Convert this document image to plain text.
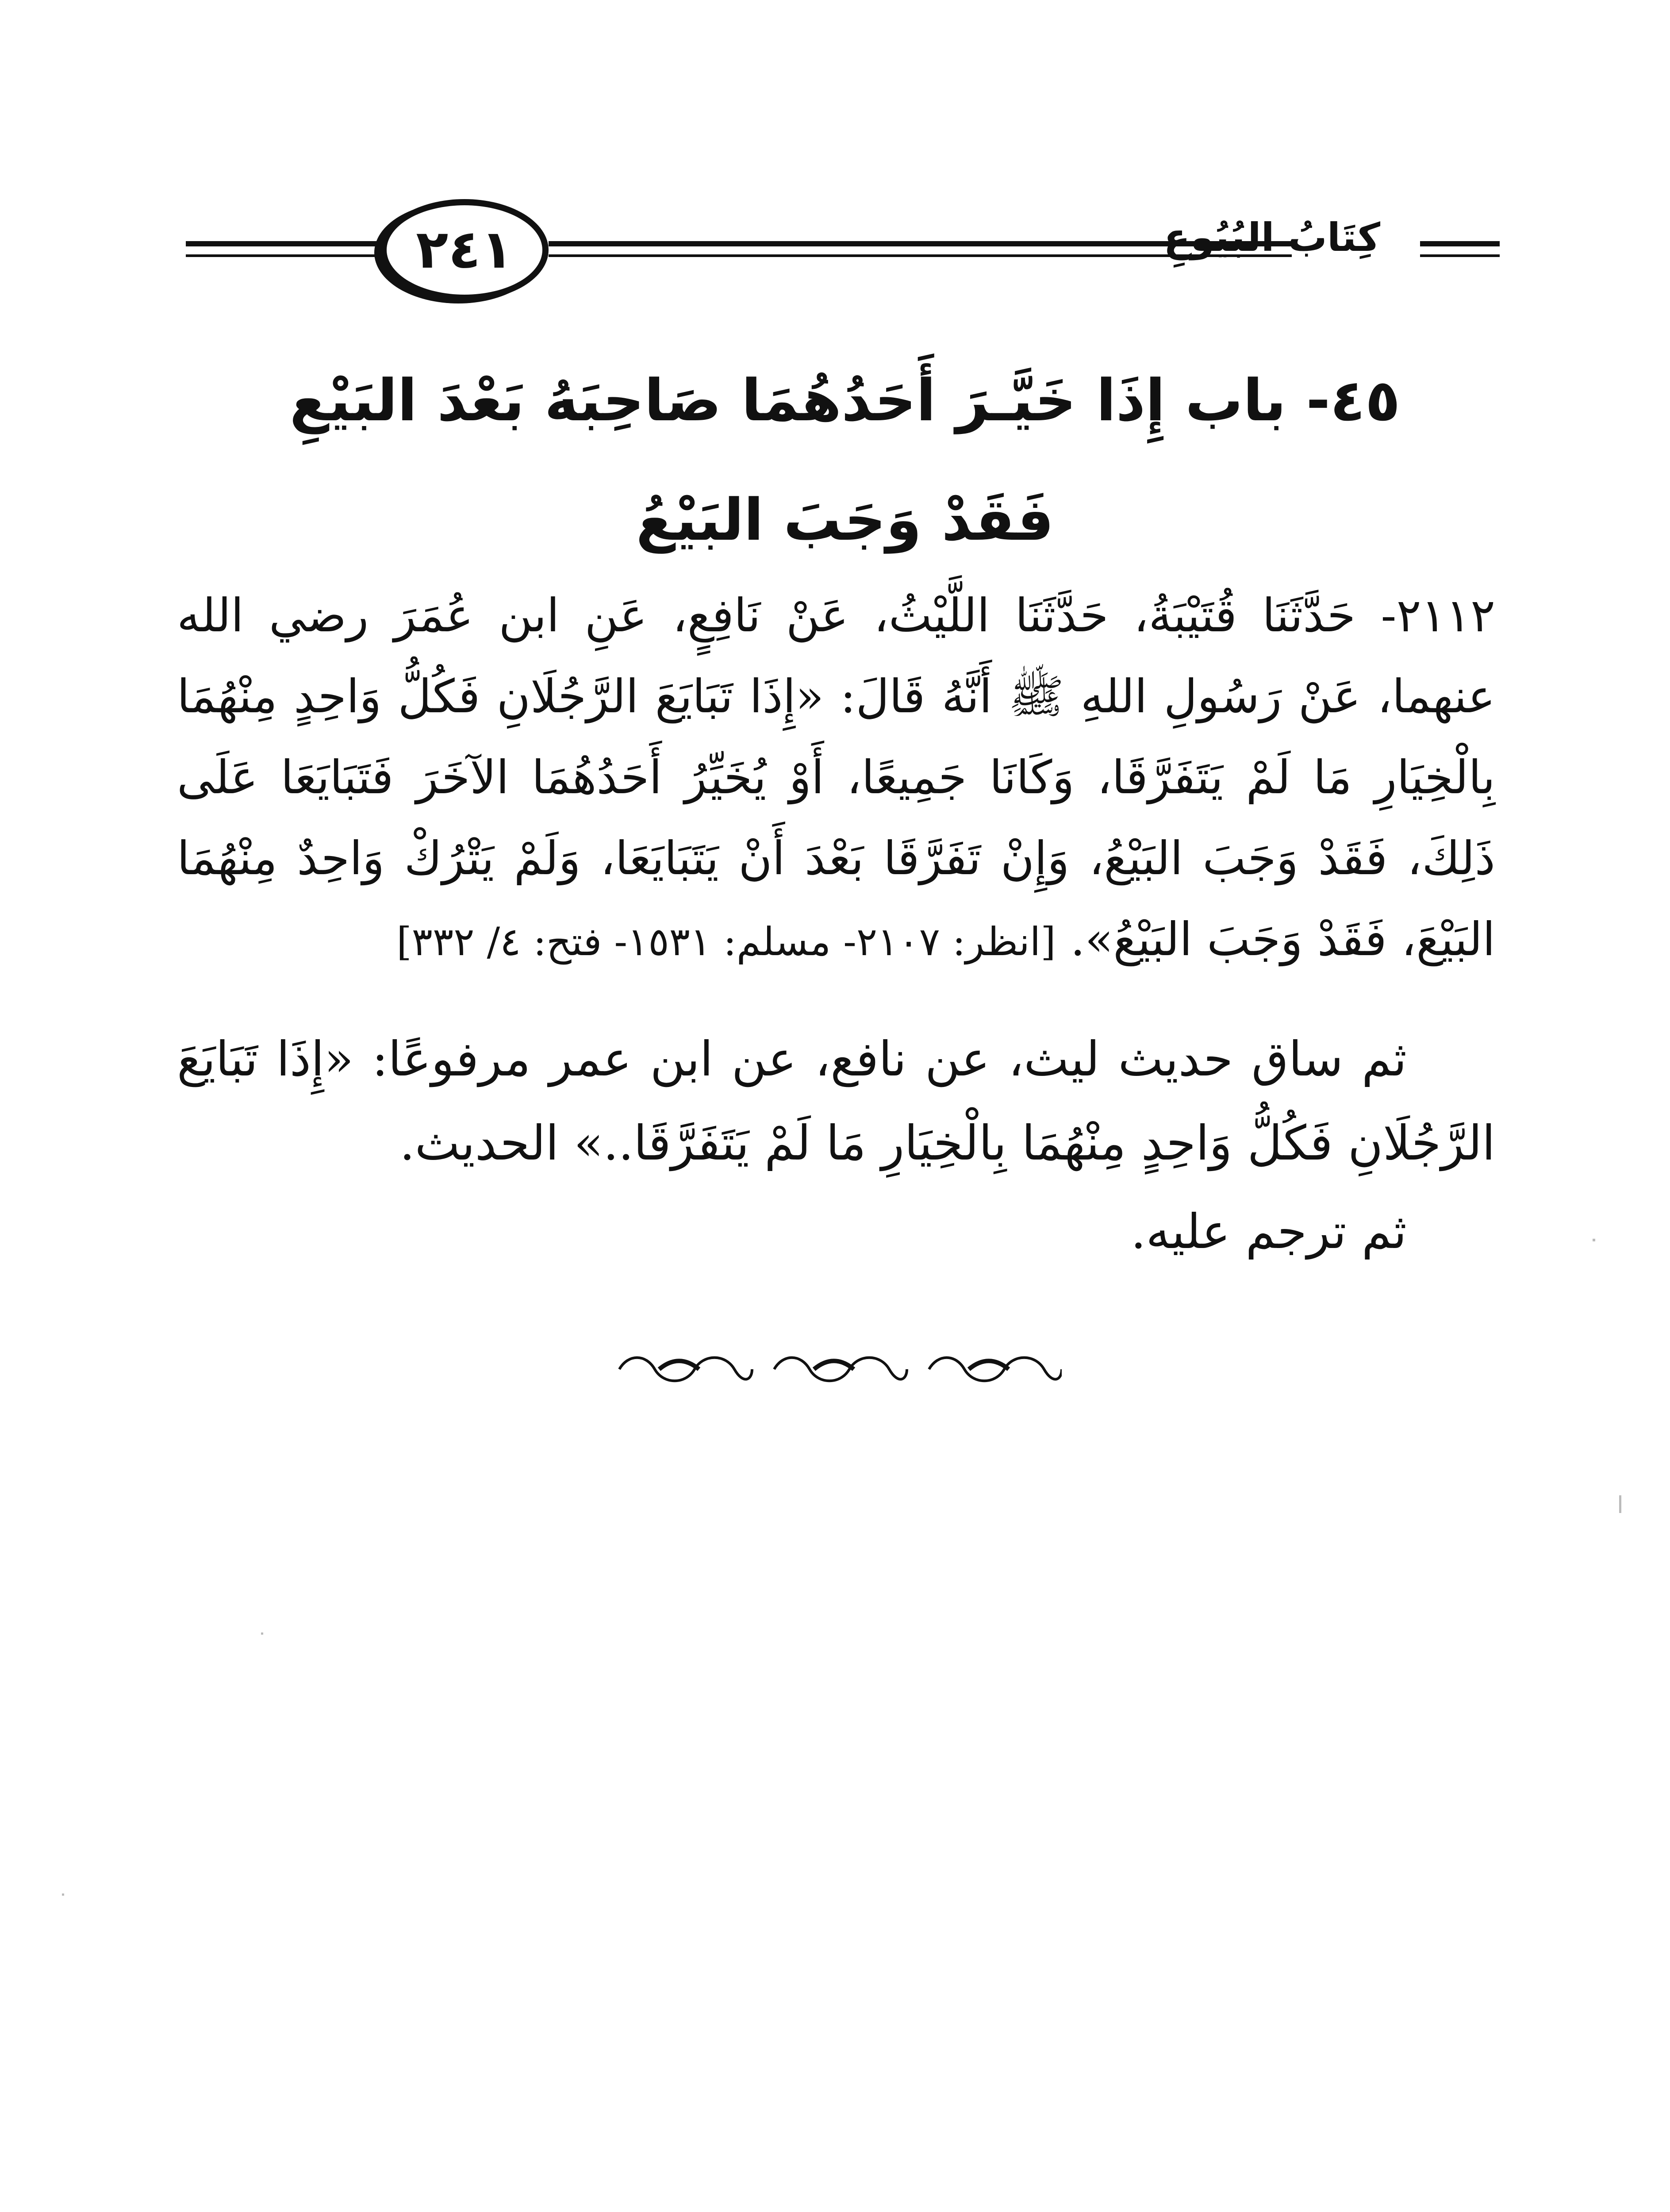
٢٤١	كِتَابُ البُيُوعِ
٤٥- باب إِذَا خَيَّـرَ أَحَدُهُمَا صَاحِبَهُ بَعْدَ البَيْعِ
فَقَدْ وَجَبَ البَيْعُ
٢١١٢- حَدَّثَنَا قُتَيْبَةُ، حَدَّثَنَا اللَّيْثُ، عَنْ نَافِعٍ، عَنِ ابن عُمَرَ رضي الله عنهما، عَنْ رَسُولِ اللهِ ﷺ أَنَّهُ قَالَ: «إِذَا تَبَايَعَ الرَّجُلَانِ فَكُلُّ وَاحِدٍ مِنْهُمَا بِالْخِيَارِ مَا لَمْ يَتَفَرَّقَا، وَكَانَا جَمِيعًا، أَوْ يُخَيِّرُ أَحَدُهُمَا الآخَرَ فَتَبَايَعَا عَلَى ذَلِكَ، فَقَدْ وَجَبَ البَيْعُ، وَإِنْ تَفَرَّقَا بَعْدَ أَنْ يَتَبَايَعَا، وَلَمْ يَتْرُكْ وَاحِدٌ مِنْهُمَا البَيْعَ، فَقَدْ وَجَبَ البَيْعُ». [انظر: ٢١٠٧- مسلم: ١٥٣١- فتح: ٤/ ٣٣٢]
ثم ساق حديث ليث، عن نافع، عن ابن عمر مرفوعًا: «إِذَا تَبَايَعَ الرَّجُلَانِ فَكُلُّ وَاحِدٍ مِنْهُمَا بِالْخِيَارِ مَا لَمْ يَتَفَرَّقَا..» الحديث.
ثم ترجم عليه.
